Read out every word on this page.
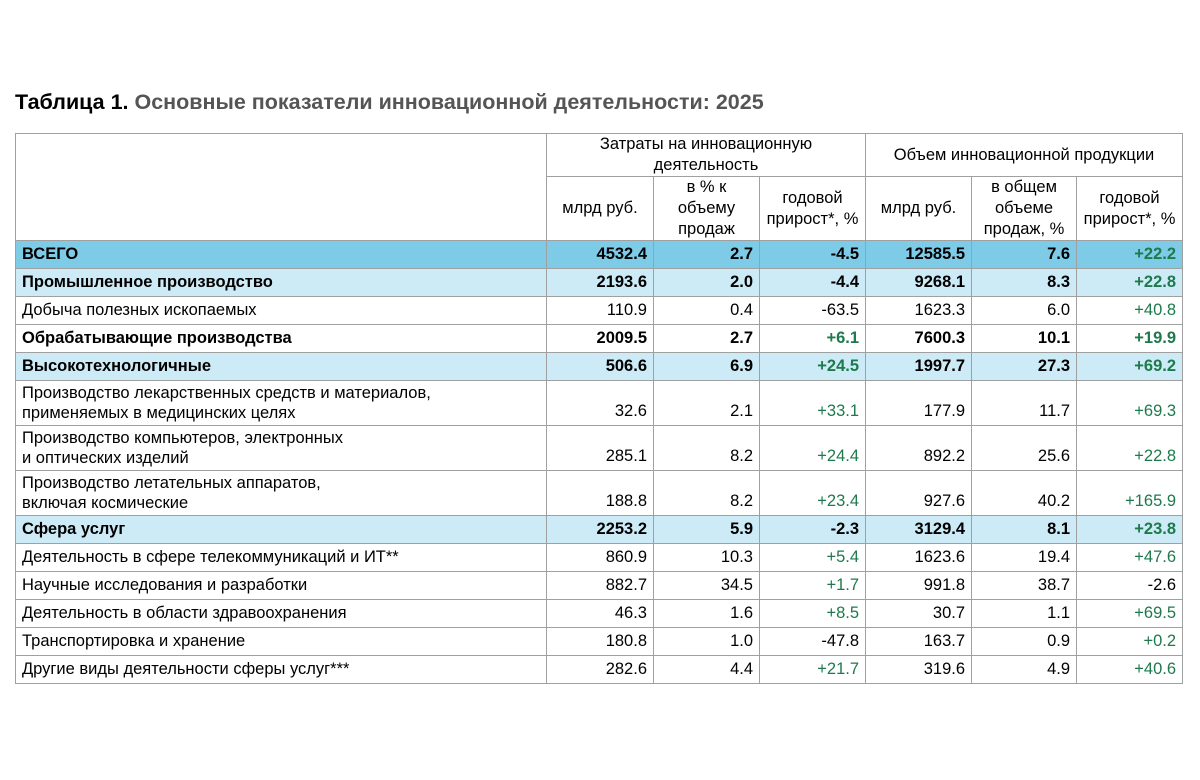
Таблица 1. Основные показатели инновационной деятельности: 2025
	Затраты на инновационную деятельность			Объем инновационной продукции		
	млрд руб.	в % к объему продаж	годовой прирост*, %	млрд руб.	в общем объеме продаж, %	годовой прирост*, %
ВСЕГО	4532.4	2.7	-4.5	12585.5	7.6	+22.2
Промышленное производство	2193.6	2.0	-4.4	9268.1	8.3	+22.8
Добыча полезных ископаемых	110.9	0.4	-63.5	1623.3	6.0	+40.8
Обрабатывающие производства	2009.5	2.7	+6.1	7600.3	10.1	+19.9
Высокотехнологичные	506.6	6.9	+24.5	1997.7	27.3	+69.2

Производство лекарственных средств и материалов,
применяемых в медицинских целях	32.6	2.1	+33.1	177.9	11.7	+69.3

Производство компьютеров, электронных
и оптических изделий	285.1	8.2	+24.4	892.2	25.6	+22.8

Производство летательных аппаратов,
включая космические	188.8	8.2	+23.4	927.6	40.2	+165.9
Сфера услуг	2253.2	5.9	-2.3	3129.4	8.1	+23.8
Деятельность в сфере телекоммуникаций и ИТ**	860.9	10.3	+5.4	1623.6	19.4	+47.6
Научные исследования и разработки	882.7	34.5	+1.7	991.8	38.7	-2.6
Деятельность в области здравоохранения	46.3	1.6	+8.5	30.7	1.1	+69.5
Транспортировка и хранение	180.8	1.0	-47.8	163.7	0.9	+0.2
Другие виды деятельности сферы услуг***	282.6	4.4	+21.7	319.6	4.9	+40.6
